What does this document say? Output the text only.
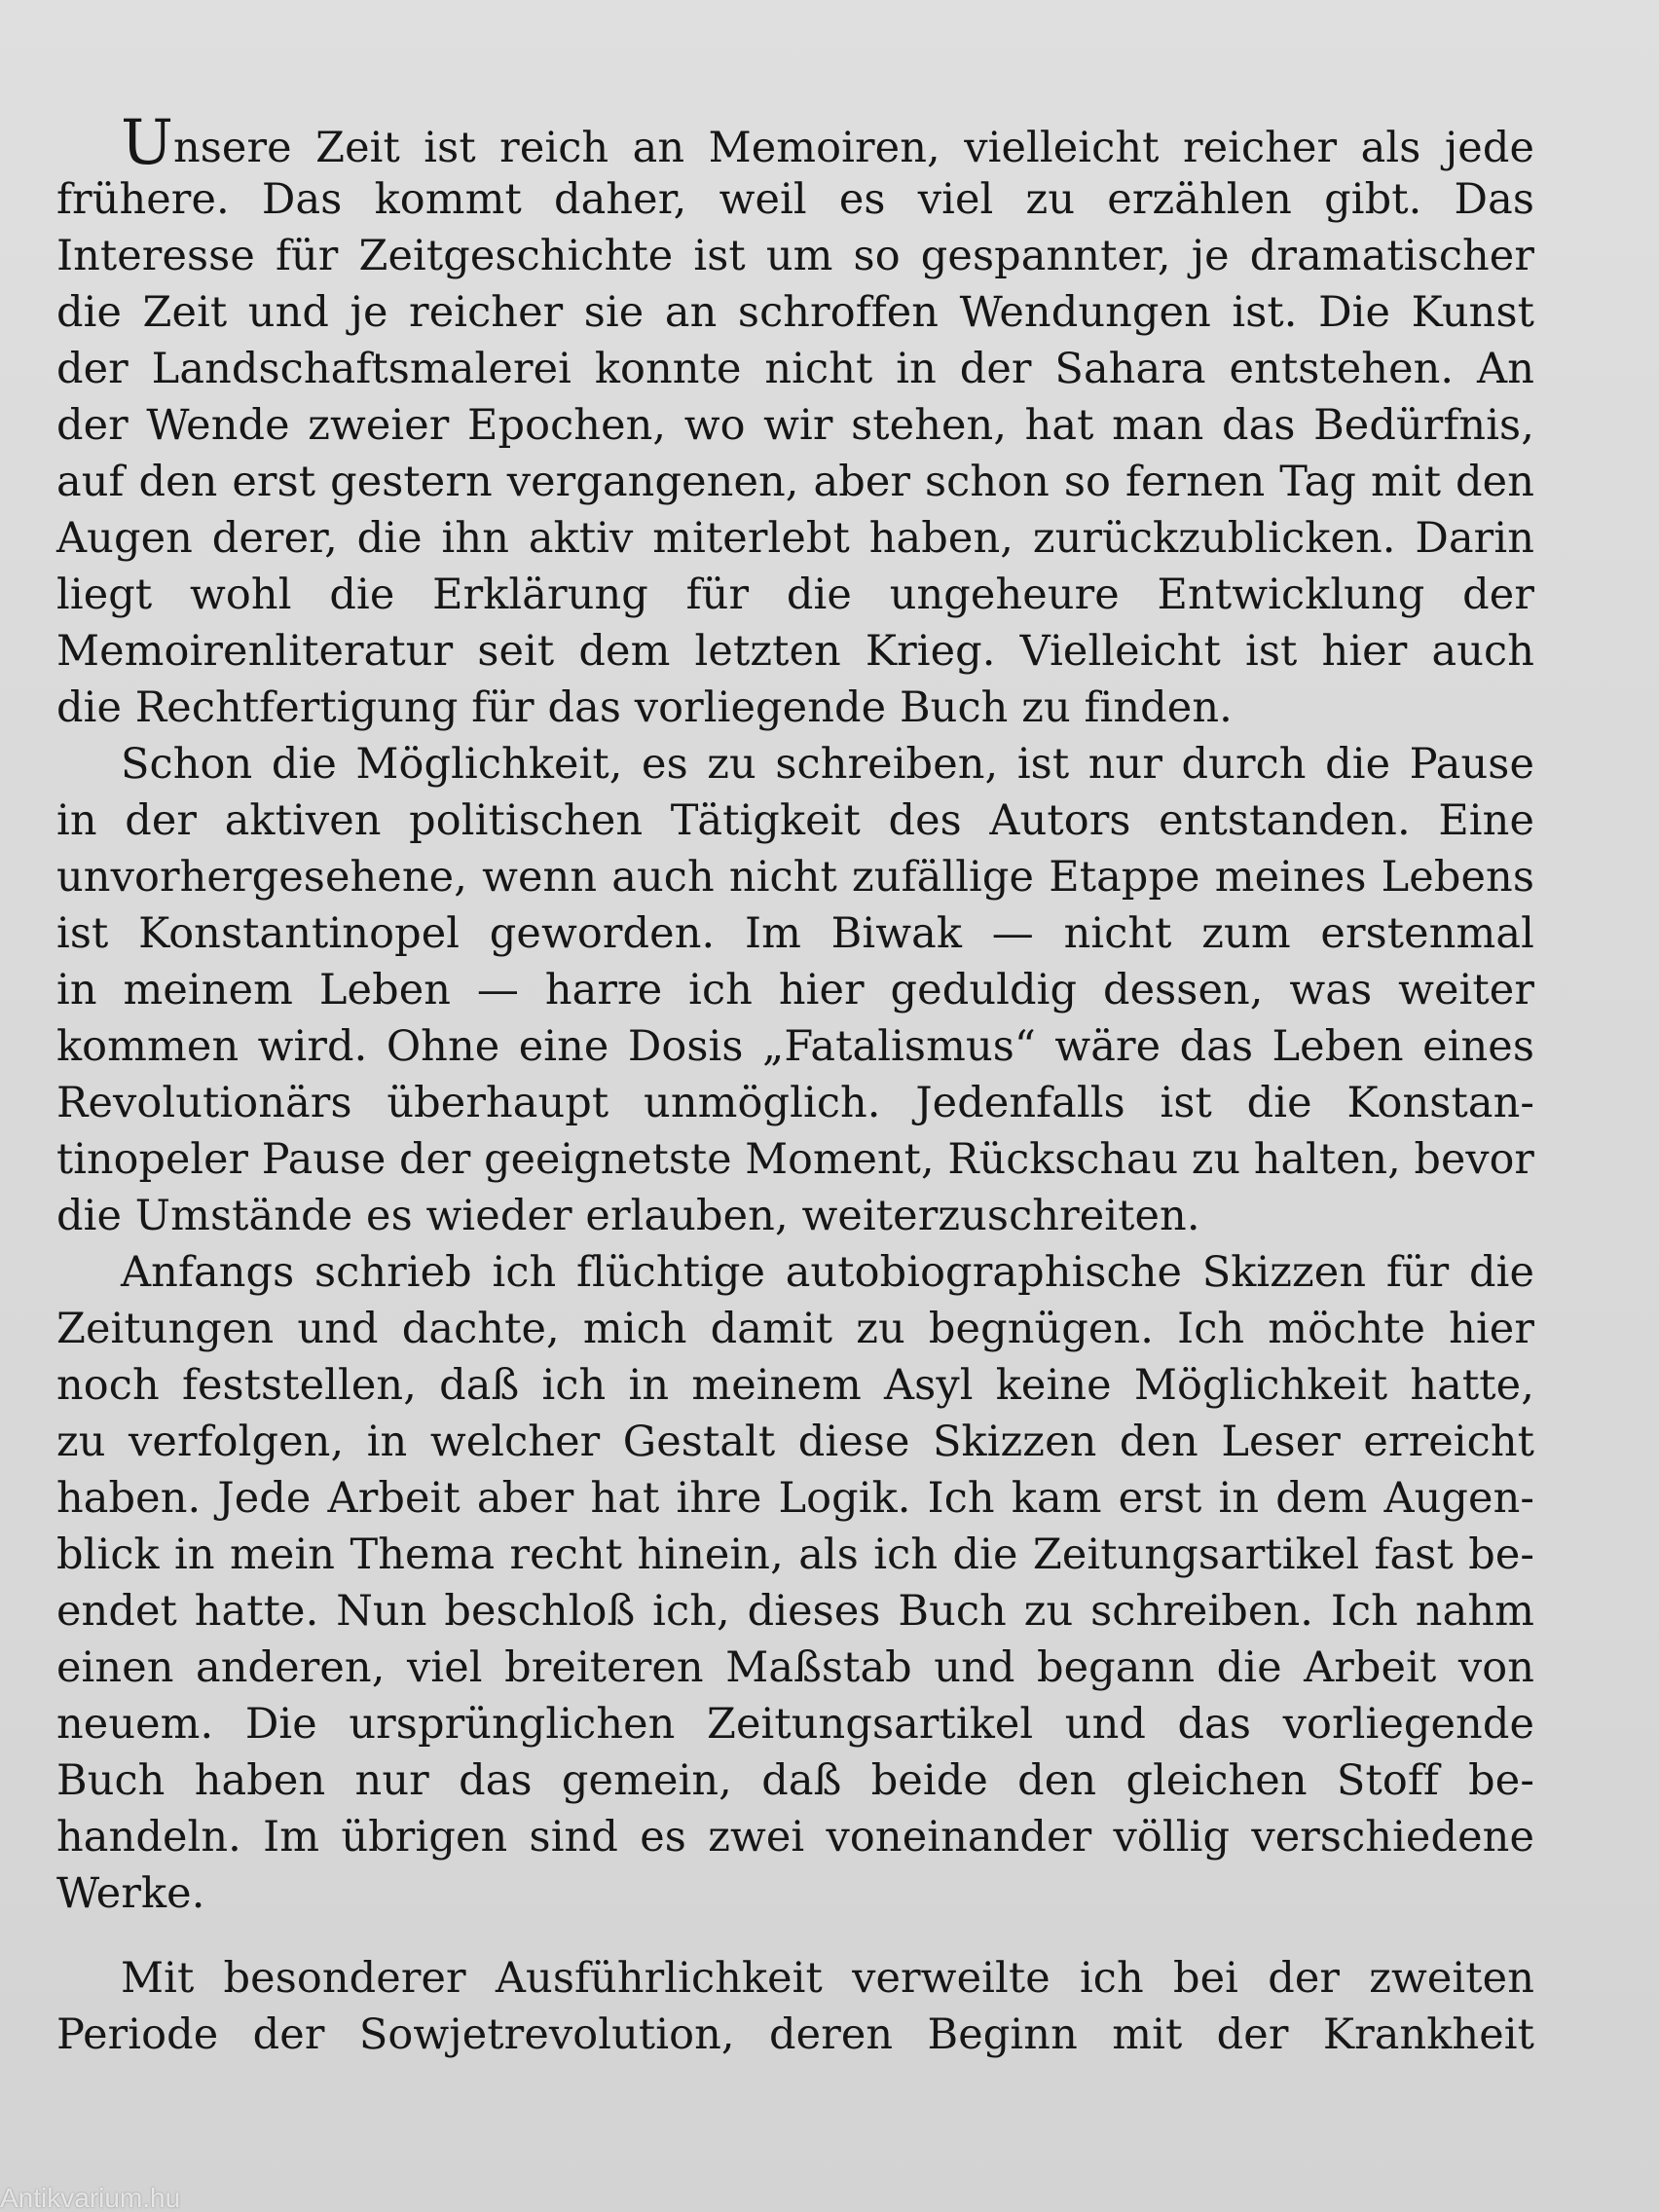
Unsere Zeit ist reich an Memoiren, vielleicht reicher als jede
frühere. Das kommt daher, weil es viel zu erzählen gibt. Das
Interesse für Zeitgeschichte ist um so gespannter, je dramatischer
die Zeit und je reicher sie an schroffen Wendungen ist. Die Kunst
der Landschaftsmalerei konnte nicht in der Sahara entstehen. An
der Wende zweier Epochen, wo wir stehen, hat man das Bedürfnis,
auf den erst gestern vergangenen, aber schon so fernen Tag mit den
Augen derer, die ihn aktiv miterlebt haben, zurückzublicken. Darin
liegt wohl die Erklärung für die ungeheure Entwicklung der
Memoirenliteratur seit dem letzten Krieg. Vielleicht ist hier auch
die Rechtfertigung für das vorliegende Buch zu finden.
Schon die Möglichkeit, es zu schreiben, ist nur durch die Pause
in der aktiven politischen Tätigkeit des Autors entstanden. Eine
unvorhergesehene, wenn auch nicht zufällige Etappe meines Lebens
ist Konstantinopel geworden. Im Biwak — nicht zum erstenmal
in meinem Leben — harre ich hier geduldig dessen, was weiter
kommen wird. Ohne eine Dosis „Fatalismus“ wäre das Leben eines
Revolutionärs überhaupt unmöglich. Jedenfalls ist die Konstan-
tinopeler Pause der geeignetste Moment, Rückschau zu halten, bevor
die Umstände es wieder erlauben, weiterzuschreiten.
Anfangs schrieb ich flüchtige autobiographische Skizzen für die
Zeitungen und dachte, mich damit zu begnügen. Ich möchte hier
noch feststellen, daß ich in meinem Asyl keine Möglichkeit hatte,
zu verfolgen, in welcher Gestalt diese Skizzen den Leser erreicht
haben. Jede Arbeit aber hat ihre Logik. Ich kam erst in dem Augen-
blick in mein Thema recht hinein, als ich die Zeitungsartikel fast be-
endet hatte. Nun beschloß ich, dieses Buch zu schreiben. Ich nahm
einen anderen, viel breiteren Maßstab und begann die Arbeit von
neuem. Die ursprünglichen Zeitungsartikel und das vorliegende
Buch haben nur das gemein, daß beide den gleichen Stoff be-
handeln. Im übrigen sind es zwei voneinander völlig verschiedene
Werke.
Mit besonderer Ausführlichkeit verweilte ich bei der zweiten
Periode der Sowjetrevolution, deren Beginn mit der Krankheit
Antikvarium.hu
